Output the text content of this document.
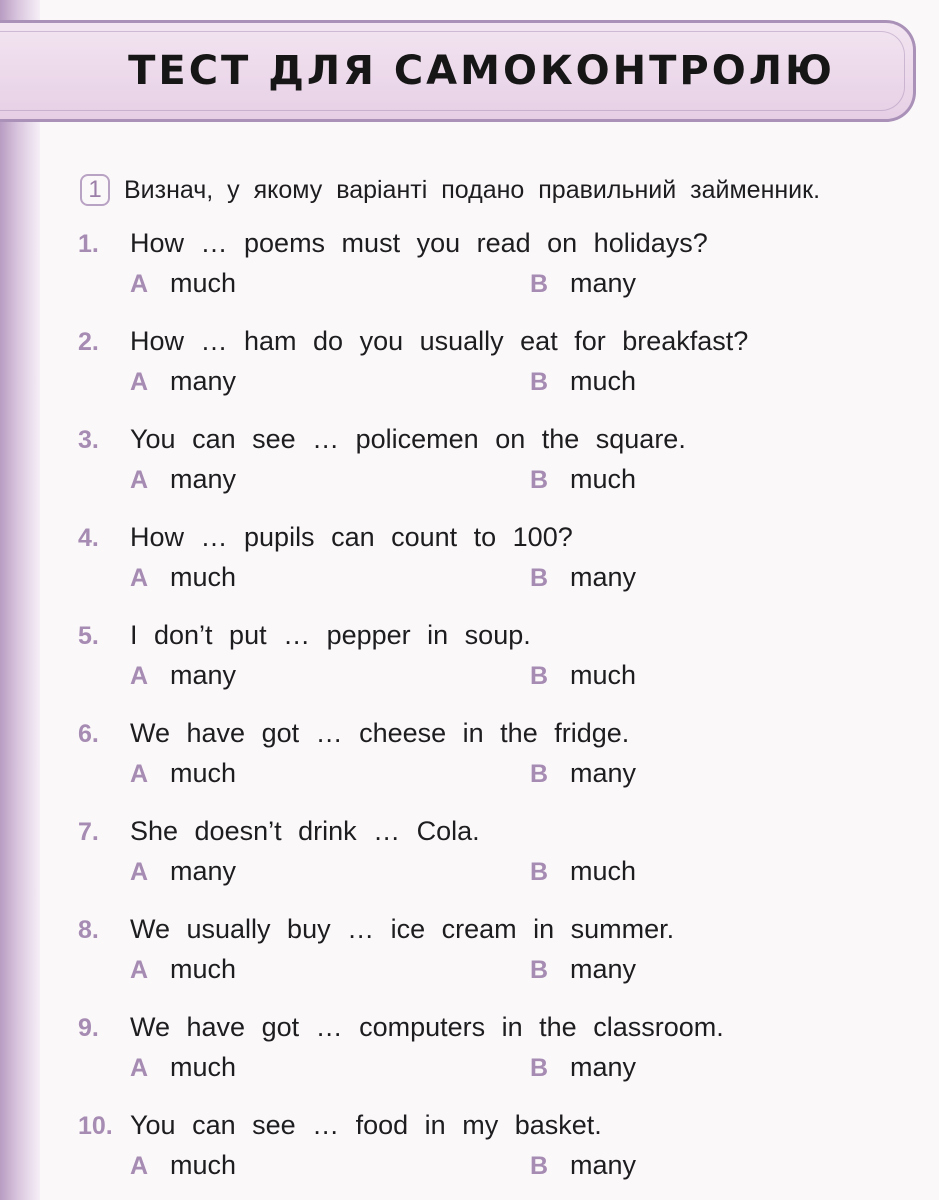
ТЕСТ ДЛЯ САМОКОНТРОЛЮ
1 Визнач, у якому варіанті подано правильний займенник.
1.	How … poems must you read on holidays?
A much	B many
2.	How … ham do you usually eat for breakfast?
A many	B much
3.	You can see … policemen on the square.
A many	B much
4.	How … pupils can count to 100?
A much	B many
5.	I don’t put … pepper in soup.
A many	B much
6.	We have got … cheese in the fridge.
A much	B many
7.	She doesn’t drink … Cola.
A many	B much
8.	We usually buy … ice cream in summer.
A much	B many
9.	We have got … computers in the classroom.
A much	B many
10. You can see … food in my basket.
A much	B many
